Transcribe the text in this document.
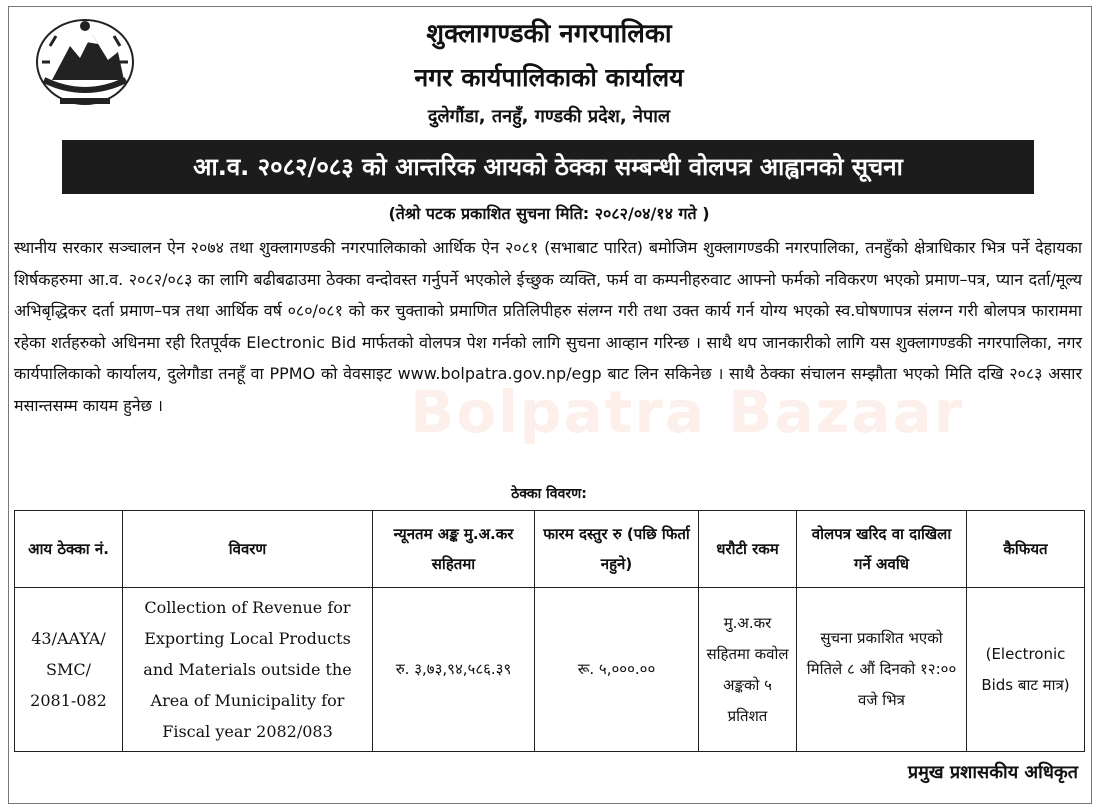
शुक्लागण्डकी नगरपालिका
नगर कार्यपालिकाको कार्यालय
दुलेगौंडा, तनहुँ, गण्डकी प्रदेश, नेपाल
आ.व. २०८२/०८३ को आन्तरिक आयको ठेक्का सम्बन्धी वोलपत्र आह्वानको सूचना
(तेश्रो पटक प्रकाशित सुचना मिति: २०८२/०४/१४ गते )

स्थानीय सरकार सञ्चालन ऐन २०७४ तथा शुक्लागण्डकी नगरपालिकाको आर्थिक ऐन २०८१ (सभाबाट पारित) बमोजिम शुक्लागण्डकी नगरपालिका, तनहुँको क्षेत्राधिकार भित्र पर्ने देहायका शिर्षकहरुमा आ.व. २०८२/०८३ का लागि बढीबढाउमा ठेक्का वन्दोवस्त गर्नुपर्ने भएकोले ईच्छुक व्यक्ति, फर्म वा कम्पनीहरुवाट आफ्नो फर्मको नविकरण भएको प्रमाण–पत्र, प्यान दर्ता/मूल्य अभिबृद्धिकर दर्ता प्रमाण–पत्र तथा आर्थिक वर्ष ०८०/०८१ को कर चुक्ताको प्रमाणित प्रतिलिपीहरु संलग्न गरी तथा उक्त कार्य गर्न योग्य भएको स्व.घोषणापत्र संलग्न गरी बोलपत्र फाराममा रहेका शर्तहरुको अधिनमा रही रितपूर्वक Electronic Bid मार्फतको वोलपत्र पेश गर्नको लागि सुचना आव्हान गरिन्छ । साथै थप जानकारीको लागि यस शुक्लागण्डकी नगरपालिका, नगर कार्यपालिकाको कार्यालय, दुलेगौडा तनहूँ वा PPMO को वेवसाइट www.bolpatra.gov.np/egp बाट लिन सकिनेछ । साथै ठेक्का संचालन सम्झौता भएको मिति दखि २०८३ असार मसान्तसम्म कायम हुनेछ ।	Bolpatra Bazaar
ठेक्का विवरण:
आय ठेक्का नं.	विवरण	न्यूनतम अङ्क मु.अ.कर सहितमा	फारम दस्तुर रु (पछि फिर्ता नहुने)	धरौटी रकम	वोलपत्र खरिद वा दाखिला गर्ने अवधि	कैफियत
43/AAYA/ SMC/ 2081-082	Collection of Revenue for Exporting Local Products and Materials outside the Area of Municipality for Fiscal year 2082/083	रु. ३,७३,९४,५८६.३९	रू. ५,०००.००	मु.अ.कर सहितमा कवोल अङ्कको ५ प्रतिशत	सुचना प्रकाशित भएको मितिले ८ औं दिनको १२:०० वजे भित्र	(Electronic Bids बाट मात्र)
प्रमुख प्रशासकीय अधिकृत
